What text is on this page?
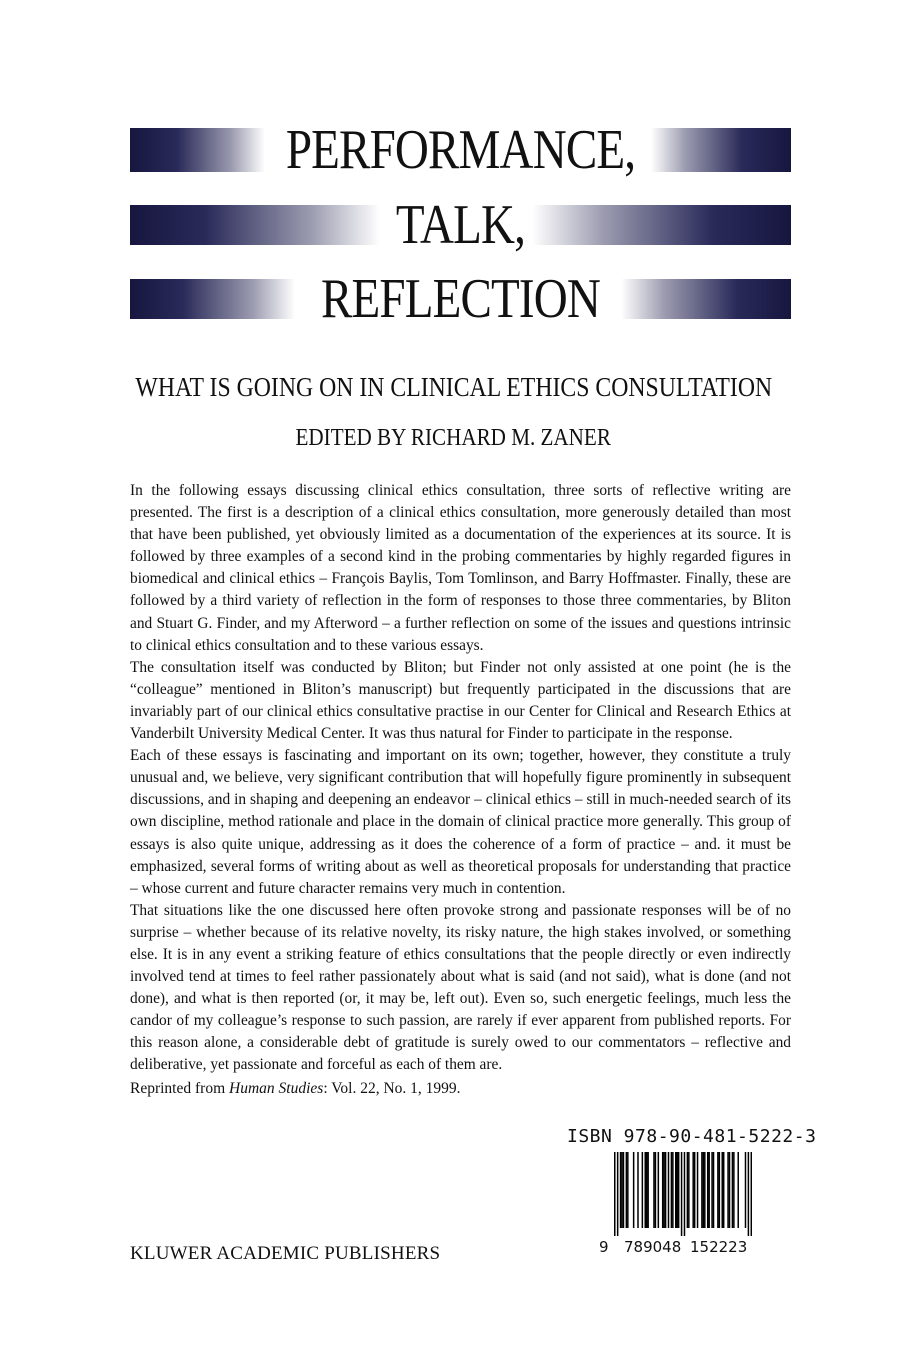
PERFORMANCE,
TALK,
REFLECTION
WHAT IS GOING ON IN CLINICAL ETHICS CONSULTATION
EDITED BY RICHARD M. ZANER

In the following essays discussing clinical ethics consultation, three sorts of reflective writing are presented. The first is a description of a clinical ethics consultation, more generously detailed than most that have been published, yet obviously limited as a documentation of the experiences at its source. It is followed by three examples of a second kind in the probing commentaries by highly regarded figures in biomedical and clinical ethics – François Baylis, Tom Tomlinson, and Barry Hoffmaster. Finally, these are followed by a third variety of reflection in the form of responses to those three commentaries, by Bliton and Stuart G. Finder, and my Afterword – a further reflection on some of the issues and questions intrinsic to clinical ethics consultation and to these various essays.

The consultation itself was conducted by Bliton; but Finder not only assisted at one point (he is the “colleague” mentioned in Bliton’s manuscript) but frequently participated in the discussions that are invariably part of our clinical ethics consultative practise in our Center for Clinical and Research Ethics at Vanderbilt University Medical Center. It was thus natural for Finder to participate in the response.

Each of these essays is fascinating and important on its own; together, however, they constitute a truly unusual and, we believe, very significant contribution that will hopefully figure prominently in subsequent discussions, and in shaping and deepening an endeavor – clinical ethics – still in much-needed search of its own discipline, method rationale and place in the domain of clinical practice more generally. This group of essays is also quite unique, addressing as it does the coherence of a form of practice – and. it must be emphasized, several forms of writing about as well as theoretical proposals for understanding that practice – whose current and future character remains very much in contention.

That situations like the one discussed here often provoke strong and passionate responses will be of no surprise – whether because of its relative novelty, its risky nature, the high stakes involved, or something else. It is in any event a striking feature of ethics consultations that the people directly or even indirectly involved tend at times to feel rather passionately about what is said (and not said), what is done (and not done), and what is then reported (or, it may be, left out). Even so, such energetic feelings, much less the candor of my colleague’s response to such passion, are rarely if ever apparent from published reports. For this reason alone, a considerable debt of gratitude is surely owed to our commentators – reflective and deliberative, yet passionate and forceful as each of them are.

Reprinted from Human Studies: Vol. 22, No. 1, 1999.
ISBN 978-90-481-5222-3
9 789048 152223
KLUWER ACADEMIC PUBLISHERS
